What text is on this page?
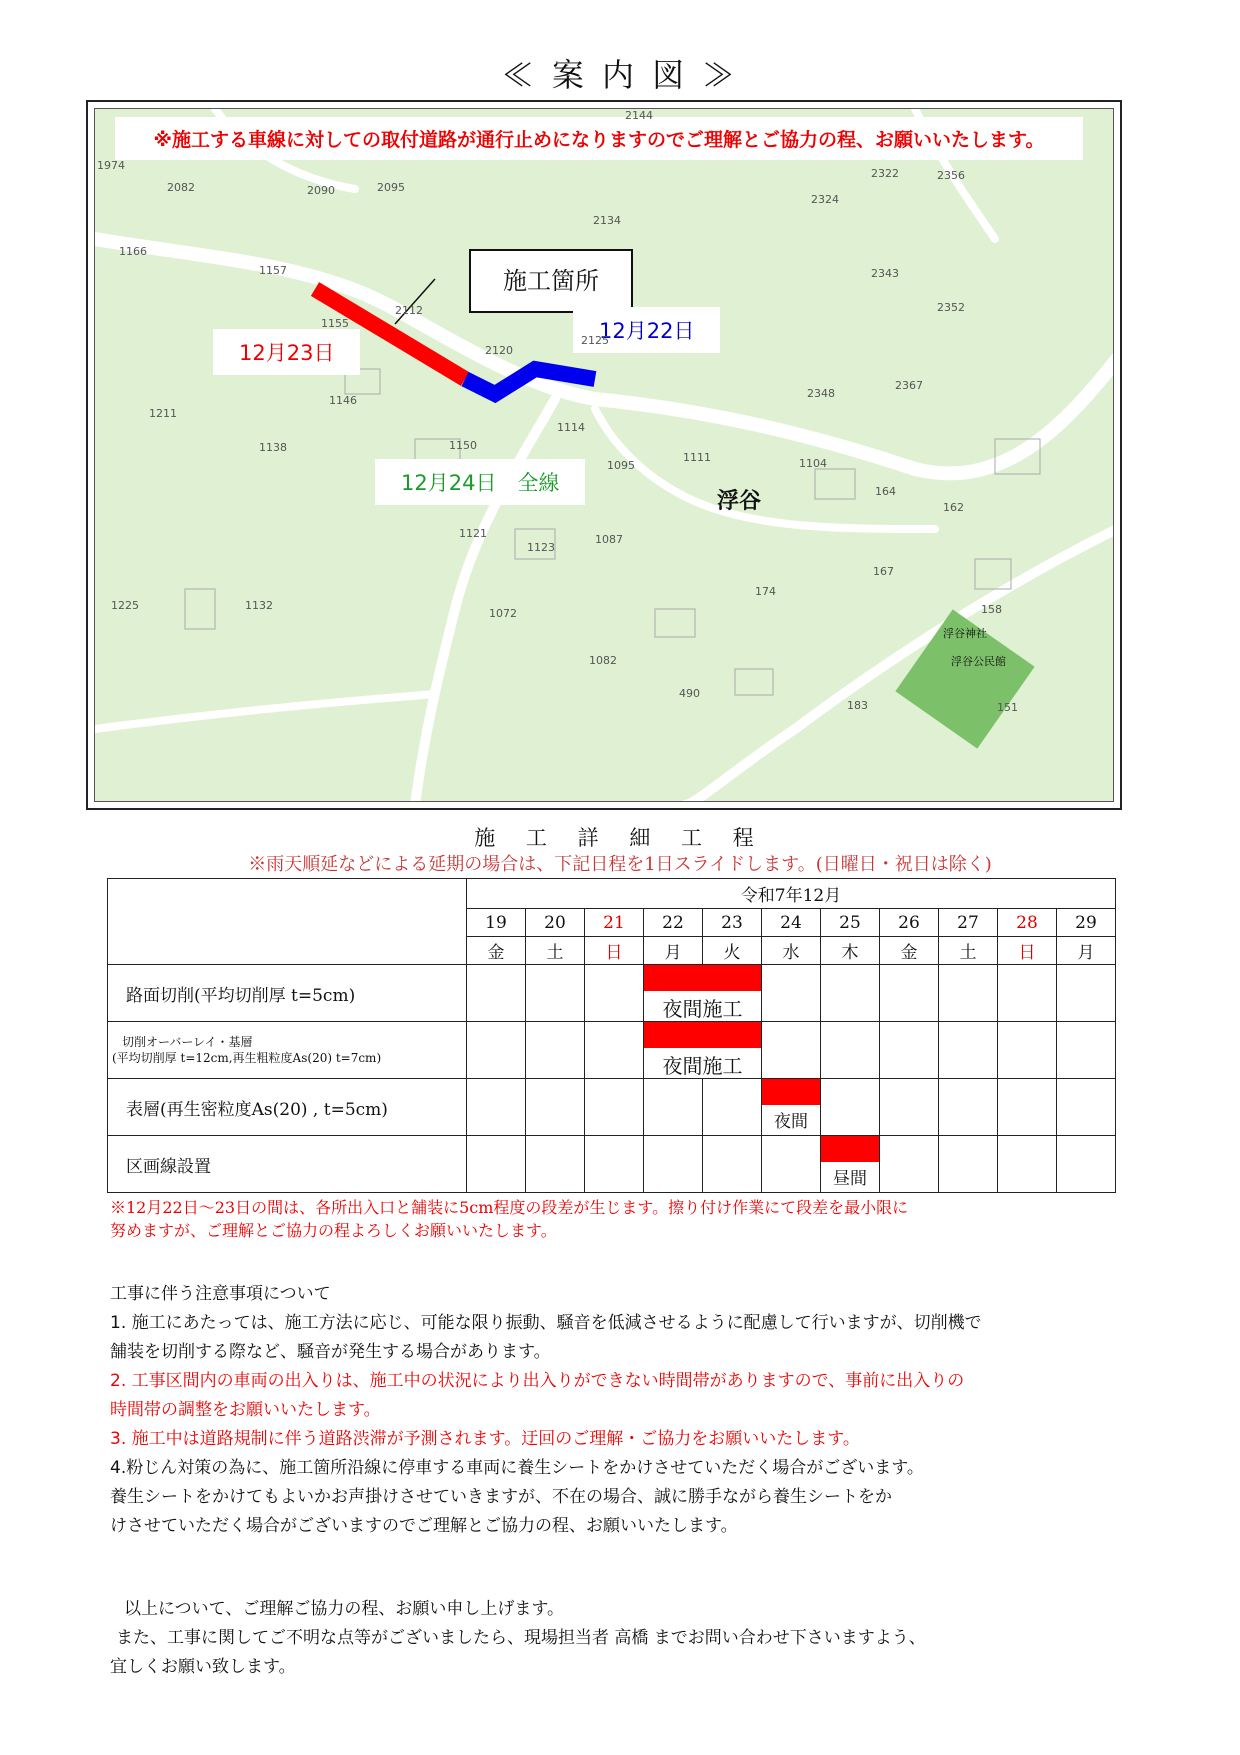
≪ 案 内 図 ≫
※施工する車線に対しての取付道路が通行止めになりますのでご理解とご協力の程、お願いいたします。
施工箇所
12月23日
12月22日
12月24日　全線
浮谷
浮谷神社
浮谷公民館
2144
1974
2082	2090	2095
2134
2322	2356
2324
1166
1157
2112
2343
1155
2352
2120
2125
2348
2367
1211
1146
1114
1138	1150
1111	1104
1095
164
162
1121
1123
1087
167
1225	1132
174
1072
1082
490
183
158
151
施 工 詳 細 工 程
※雨天順延などによる延期の場合は、下記日程を1日スライドします。(日曜日・祝日は除く)
	令和7年12月										
	19	20	21	22	23	24	25	26	27	28	29
	金	土	日	月	火	水	木	金	土	日	月
路面切削(平均切削厚 t=5cm)				夜間施工							

切削オーバーレイ・基層
(平均切削厚 t=12cm,再生粗粒度As(20) t=7cm)				夜間施工							

表層(再生密粒度As(20) , t=5cm)						夜間					

区画線設置							昼間				

※12月22日～23日の間は、各所出入口と舗装に5cm程度の段差が生じます。擦り付け作業にて段差を最小限に
努めますが、ご理解とご協力の程よろしくお願いいたします。
工事に伴う注意事項について
1. 施工にあたっては、施工方法に応じ、可能な限り振動、騒音を低減させるように配慮して行いますが、切削機で
舗装を切削する際など、騒音が発生する場合があります。
2. 工事区間内の車両の出入りは、施工中の状況により出入りができない時間帯がありますので、事前に出入りの
時間帯の調整をお願いいたします。
3. 施工中は道路規制に伴う道路渋滞が予測されます。迂回のご理解・ご協力をお願いいたします。
4.粉じん対策の為に、施工箇所沿線に停車する車両に養生シートをかけさせていただく場合がございます。
養生シートをかけてもよいかお声掛けさせていきますが、不在の場合、誠に勝手ながら養生シートをか
けさせていただく場合がございますのでご理解とご協力の程、お願いいたします。
以上について、ご理解ご協力の程、お願い申し上げます。
また、工事に関してご不明な点等がございましたら、現場担当者 高橋 までお問い合わせ下さいますよう、
宜しくお願い致します。
